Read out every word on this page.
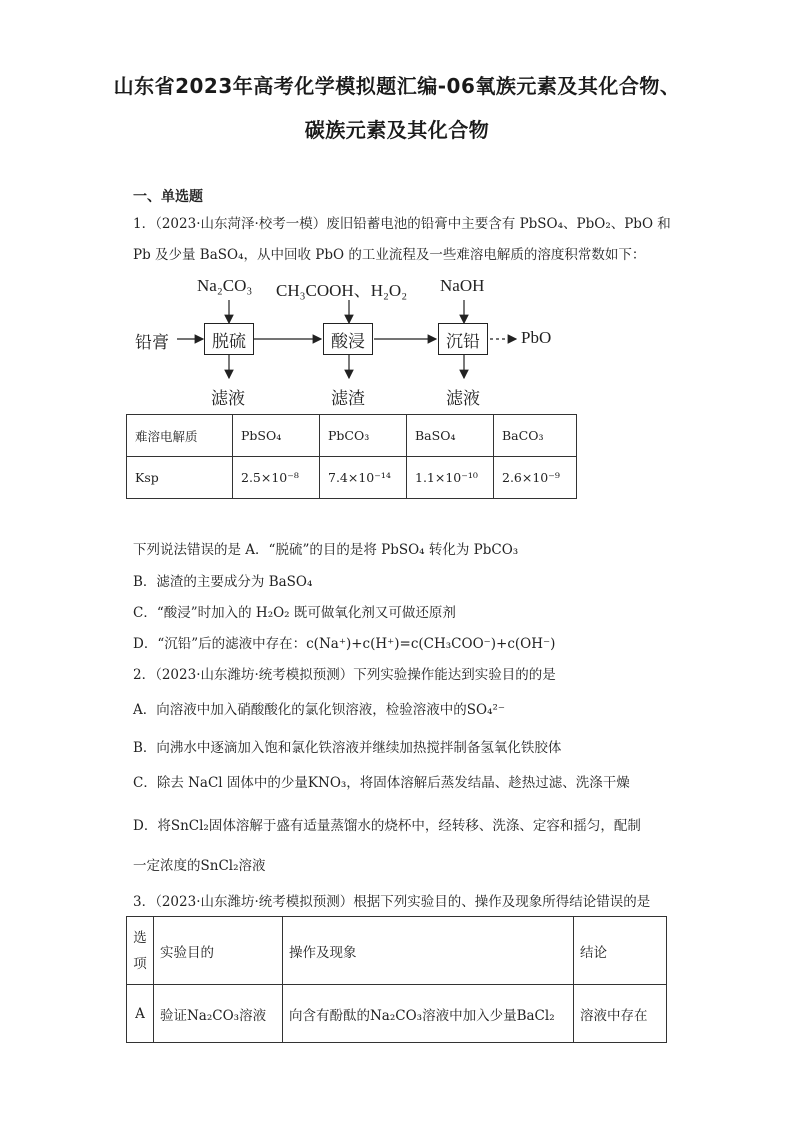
山东省2023年高考化学模拟题汇编-06氧族元素及其化合物、
碳族元素及其化合物
一、单选题
1．（2023·山东菏泽·校考一模）废旧铅蓄电池的铅膏中主要含有 PbSO₄、PbO₂、PbO 和
Pb 及少量 BaSO₄，从中回收 PbO 的工业流程及一些难溶电解质的溶度积常数如下：
Na₂CO₃ CH₃COOH、H₂O₂ NaOH
铅膏	脱硫	酸浸	沉铅	PbO
滤液	滤渣	滤液
难溶电解质	PbSO₄	PbCO₃	BaSO₄	BaCO₃
Ksp	2.5×10⁻⁸	7.4×10⁻¹⁴	1.1×10⁻¹⁰	2.6×10⁻⁹
下列说法错误的是 A．“脱硫”的目的是将 PbSO₄ 转化为 PbCO₃
B．滤渣的主要成分为 BaSO₄
C．“酸浸”时加入的 H₂O₂ 既可做氧化剂又可做还原剂
D．“沉铅”后的滤液中存在：c(Na⁺)+c(H⁺)=c(CH₃COO⁻)+c(OH⁻)
2．（2023·山东潍坊·统考模拟预测）下列实验操作能达到实验目的的是
A．向溶液中加入硝酸酸化的氯化钡溶液，检验溶液中的SO₄²⁻
B．向沸水中逐滴加入饱和氯化铁溶液并继续加热搅拌制备氢氧化铁胶体
C．除去 NaCl 固体中的少量KNO₃，将固体溶解后蒸发结晶、趁热过滤、洗涤干燥
D．将SnCl₂固体溶解于盛有适量蒸馏水的烧杯中，经转移、洗涤、定容和摇匀，配制
一定浓度的SnCl₂溶液
3．（2023·山东潍坊·统考模拟预测）根据下列实验目的、操作及现象所得结论错误的是
选项	实验目的	操作及现象	结论
A	验证Na₂CO₃溶液	向含有酚酞的Na₂CO₃溶液中加入少量BaCl₂	溶液中存在
